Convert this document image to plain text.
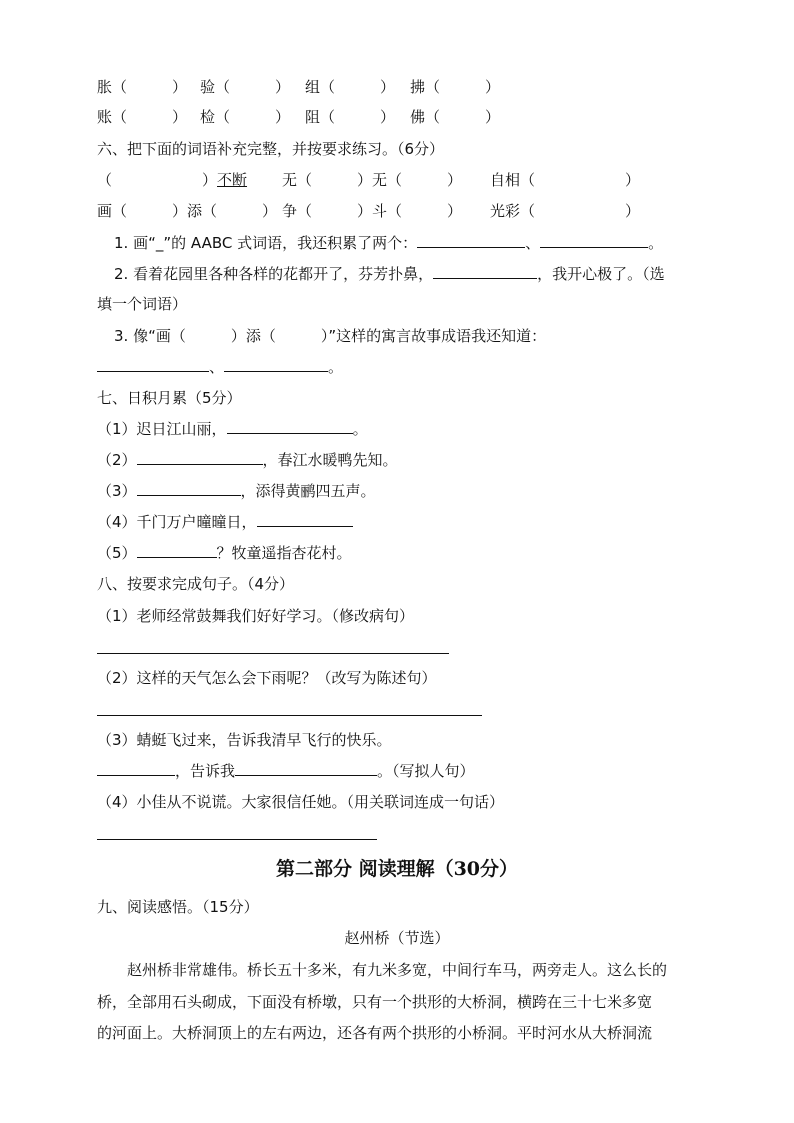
胀（　　　） 验（　　　） 组（　　　） 拂（　　　）
账（　　　） 检（　　　） 阻（　　　） 佛（　　　）
六、把下面的词语补充完整，并按要求练习。（6分）
（　　　　　　）不断 无（　　　）无（　　　） 自相（　　　　　　）
画（　　　）添（　　　） 争（　　　）斗（　　　） 光彩（　　　　　　）
1. 画“_”的 AABC 式词语，我还积累了两个：	、	。
2. 看着花园里各种各样的花都开了，芬芳扑鼻，	，我开心极了。（选
填一个词语）
3. 像“画（　　　）添（　　　）”这样的寓言故事成语我还知道：
、	。
七、日积月累（5分）
（1）迟日江山丽，	。
（2）	，春江水暖鸭先知。
（3）	，添得黄鹂四五声。
（4）千门万户曈曈日，
（5）	？牧童遥指杏花村。
八、按要求完成句子。（4分）
（1）老师经常鼓舞我们好好学习。（修改病句）
（2）这样的天气怎么会下雨呢？（改写为陈述句）
（3）蜻蜓飞过来，告诉我清早飞行的快乐。
，告诉我	。（写拟人句）
（4）小佳从不说谎。大家很信任她。（用关联词连成一句话）
第二部分 阅读理解（30分）
九、阅读感悟。（15分）
赵州桥（节选）
赵州桥非常雄伟。桥长五十多米，有九米多宽，中间行车马，两旁走人。这么长的
桥，全部用石头砌成，下面没有桥墩，只有一个拱形的大桥洞，横跨在三十七米多宽
的河面上。大桥洞顶上的左右两边，还各有两个拱形的小桥洞。平时河水从大桥洞流
